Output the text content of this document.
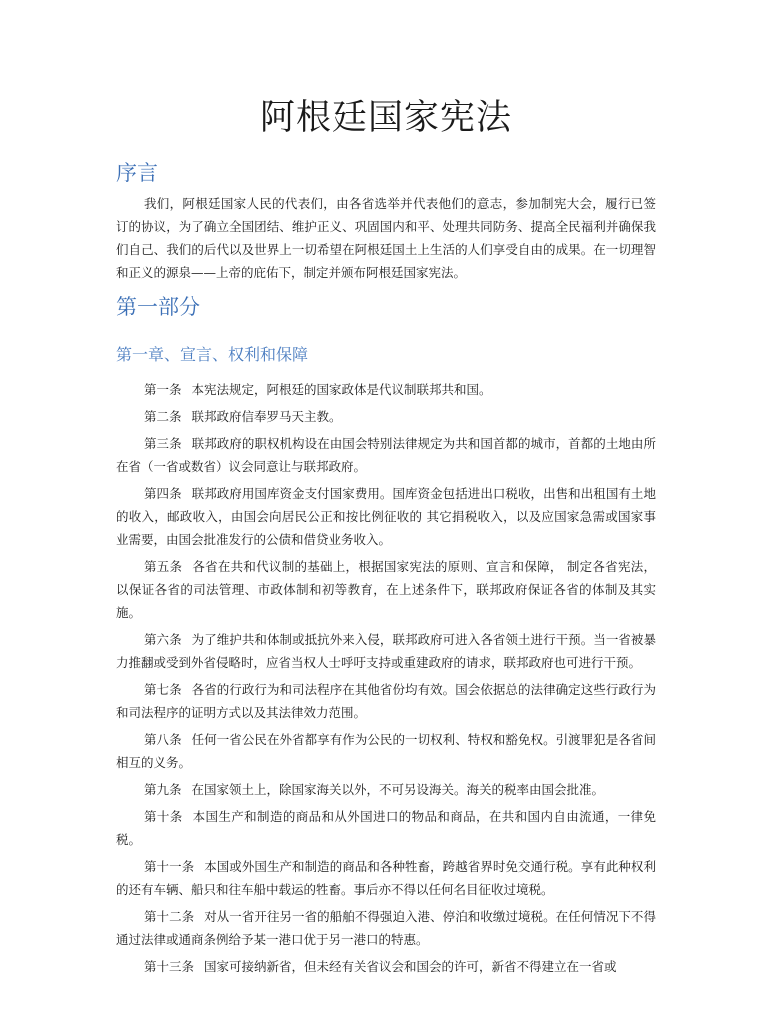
阿根廷国家宪法
序言

我们，阿根廷国家人民的代表们，由各省选举并代表他们的意志，参加制宪大会，履行已签订的协议，为了确立全国团结、维护正义、巩固国内和平、处理共同防务、提高全民福利并确保我们自己、我们的后代以及世界上一切希望在阿根廷国土上生活的人们享受自由的成果。在一切理智和正义的源泉——上帝的庇佑下，制定并颁布阿根廷国家宪法。

第一部分
第一章、宣言、权利和保障

第一条 本宪法规定，阿根廷的国家政体是代议制联邦共和国。

第二条 联邦政府信奉罗马天主教。

第三条 联邦政府的职权机构设在由国会特别法律规定为共和国首都的城市，首都的土地由所在省（一省或数省）议会同意让与联邦政府。

第四条 联邦政府用国库资金支付国家费用。国库资金包括进出口税收，出售和出租国有土地的收入，邮政收入，由国会向居民公正和按比例征收的 其它捐税收入，以及应国家急需或国家事业需要，由国会批准发行的公债和借贷业务收入。

第五条 各省在共和代议制的基础上，根据国家宪法的原则、宣言和保障， 制定各省宪法，以保证各省的司法管理、市政体制和初等教育，在上述条件下，联邦政府保证各省的体制及其实施。

第六条 为了维护共和体制或抵抗外来入侵，联邦政府可进入各省领土进行干预。当一省被暴力推翻或受到外省侵略时，应省当权人士呼吁支持或重建政府的请求，联邦政府也可进行干预。

第七条 各省的行政行为和司法程序在其他省份均有效。国会依据总的法律确定这些行政行为和司法程序的证明方式以及其法律效力范围。

第八条 任何一省公民在外省都享有作为公民的一切权利、特权和豁免权。引渡罪犯是各省间相互的义务。

第九条 在国家领土上，除国家海关以外，不可另设海关。海关的税率由国会批准。

第十条 本国生产和制造的商品和从外国进口的物品和商品，在共和国内自由流通，一律免税。

第十一条 本国或外国生产和制造的商品和各种牲畜，跨越省界时免交通行税。享有此种权利的还有车辆、船只和往车船中载运的牲畜。事后亦不得以任何名目征收过境税。

第十二条 对从一省开往另一省的船舶不得强迫入港、停泊和收缴过境税。在任何情况下不得通过法律或通商条例给予某一港口优于另一港口的特惠。

第十三条 国家可接纳新省，但未经有关省议会和国会的许可，新省不得建立在一省或
